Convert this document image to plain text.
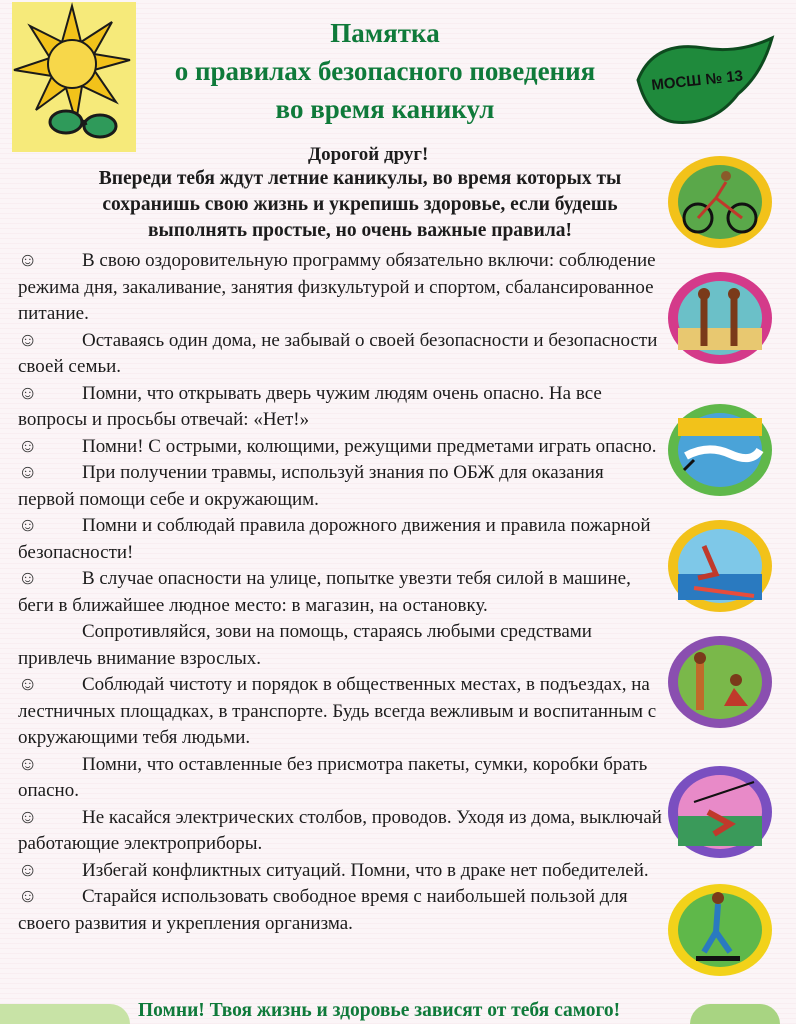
Памятка
о правилах безопасного поведения
во время каникул
МОСШ № 13
Дорогой друг!
Впереди тебя ждут летние каникулы, во время которых ты сохранишь свою жизнь и укрепишь здоровье, если будешь выполнять простые, но очень важные правила!

☺	В свою оздоровительную программу обязательно включи: соблюдение режима дня, закаливание, занятия физкультурой и спортом, сбалансированное питание.

☺	Оставаясь один дома, не забывай о своей безопасности и безопасности своей семьи.

☺	Помни, что открывать дверь чужим людям очень опасно. На все вопросы и просьбы отвечай: «Нет!»

☺	Помни! С острыми, колющими, режущими предметами играть опасно.

☺	При получении травмы, используй знания по ОБЖ для оказания первой помощи себе и окружающим.

☺	Помни и соблюдай правила дорожного движения и правила пожарной безопасности!

☺	В случае опасности на улице, попытке увезти тебя силой в машине, беги в ближайшее людное место: в магазин, на остановку.

Сопротивляйся, зови на помощь, стараясь любыми средствами привлечь внимание взрослых.

☺	Соблюдай чистоту и порядок в общественных местах, в подъездах, на лестничных площадках, в транспорте. Будь всегда вежливым и воспитанным с окружающими тебя людьми.

☺	Помни, что оставленные без присмотра пакеты, сумки, коробки брать опасно.

☺	Не касайся электрических столбов, проводов. Уходя из дома, выключай работающие электроприборы.

☺	Избегай конфликтных ситуаций. Помни, что в драке нет победителей.

☺	Старайся использовать свободное время с наибольшей пользой для своего развития и укрепления организма.

Помни! Твоя жизнь и здоровье зависят от тебя самого!
